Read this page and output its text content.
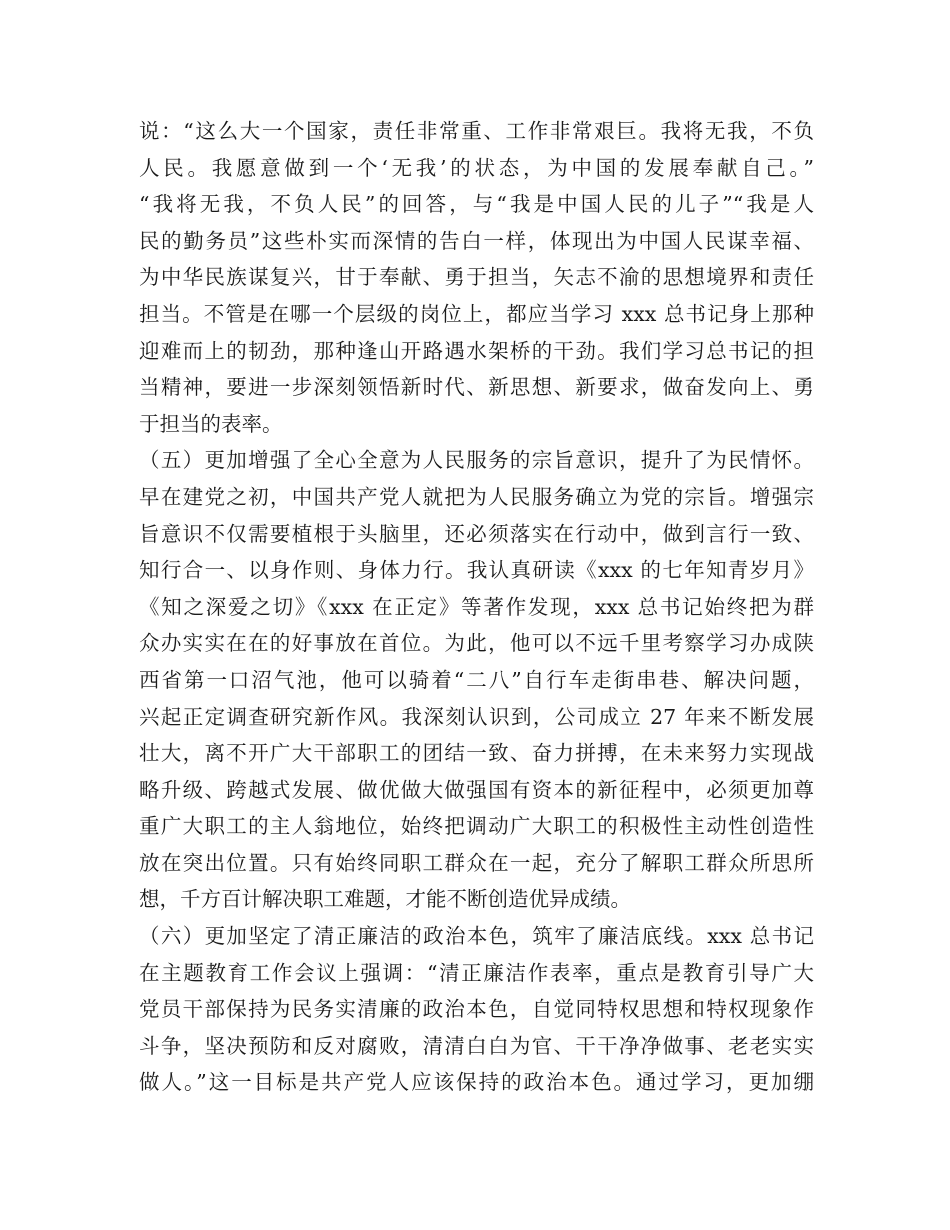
说：“这么大一个国家，责任非常重、工作非常艰巨。我将无我，不负
人民。我愿意做到一个‘无我’的状态，为中国的发展奉献自己。”
“我将无我，不负人民”的回答，与“我是中国人民的儿子”“我是人
民的勤务员”这些朴实而深情的告白一样，体现出为中国人民谋幸福、
为中华民族谋复兴，甘于奉献、勇于担当，矢志不渝的思想境界和责任
担当。不管是在哪一个层级的岗位上，都应当学习 xxx 总书记身上那种
迎难而上的韧劲，那种逢山开路遇水架桥的干劲。我们学习总书记的担
当精神，要进一步深刻领悟新时代、新思想、新要求，做奋发向上、勇
于担当的表率。
（五）更加增强了全心全意为人民服务的宗旨意识，提升了为民情怀。
早在建党之初，中国共产党人就把为人民服务确立为党的宗旨。增强宗
旨意识不仅需要植根于头脑里，还必须落实在行动中，做到言行一致、
知行合一、以身作则、身体力行。我认真研读《xxx 的七年知青岁月》
《知之深爱之切》《xxx 在正定》等著作发现，xxx 总书记始终把为群
众办实实在在的好事放在首位。为此，他可以不远千里考察学习办成陕
西省第一口沼气池，他可以骑着“二八”自行车走街串巷、解决问题，
兴起正定调查研究新作风。我深刻认识到，公司成立 27 年来不断发展
壮大，离不开广大干部职工的团结一致、奋力拼搏，在未来努力实现战
略升级、跨越式发展、做优做大做强国有资本的新征程中，必须更加尊
重广大职工的主人翁地位，始终把调动广大职工的积极性主动性创造性
放在突出位置。只有始终同职工群众在一起，充分了解职工群众所思所
想，千方百计解决职工难题，才能不断创造优异成绩。
（六）更加坚定了清正廉洁的政治本色，筑牢了廉洁底线。xxx 总书记
在主题教育工作会议上强调：“清正廉洁作表率，重点是教育引导广大
党员干部保持为民务实清廉的政治本色，自觉同特权思想和特权现象作
斗争，坚决预防和反对腐败，清清白白为官、干干净净做事、老老实实
做人。”这一目标是共产党人应该保持的政治本色。通过学习，更加绷
